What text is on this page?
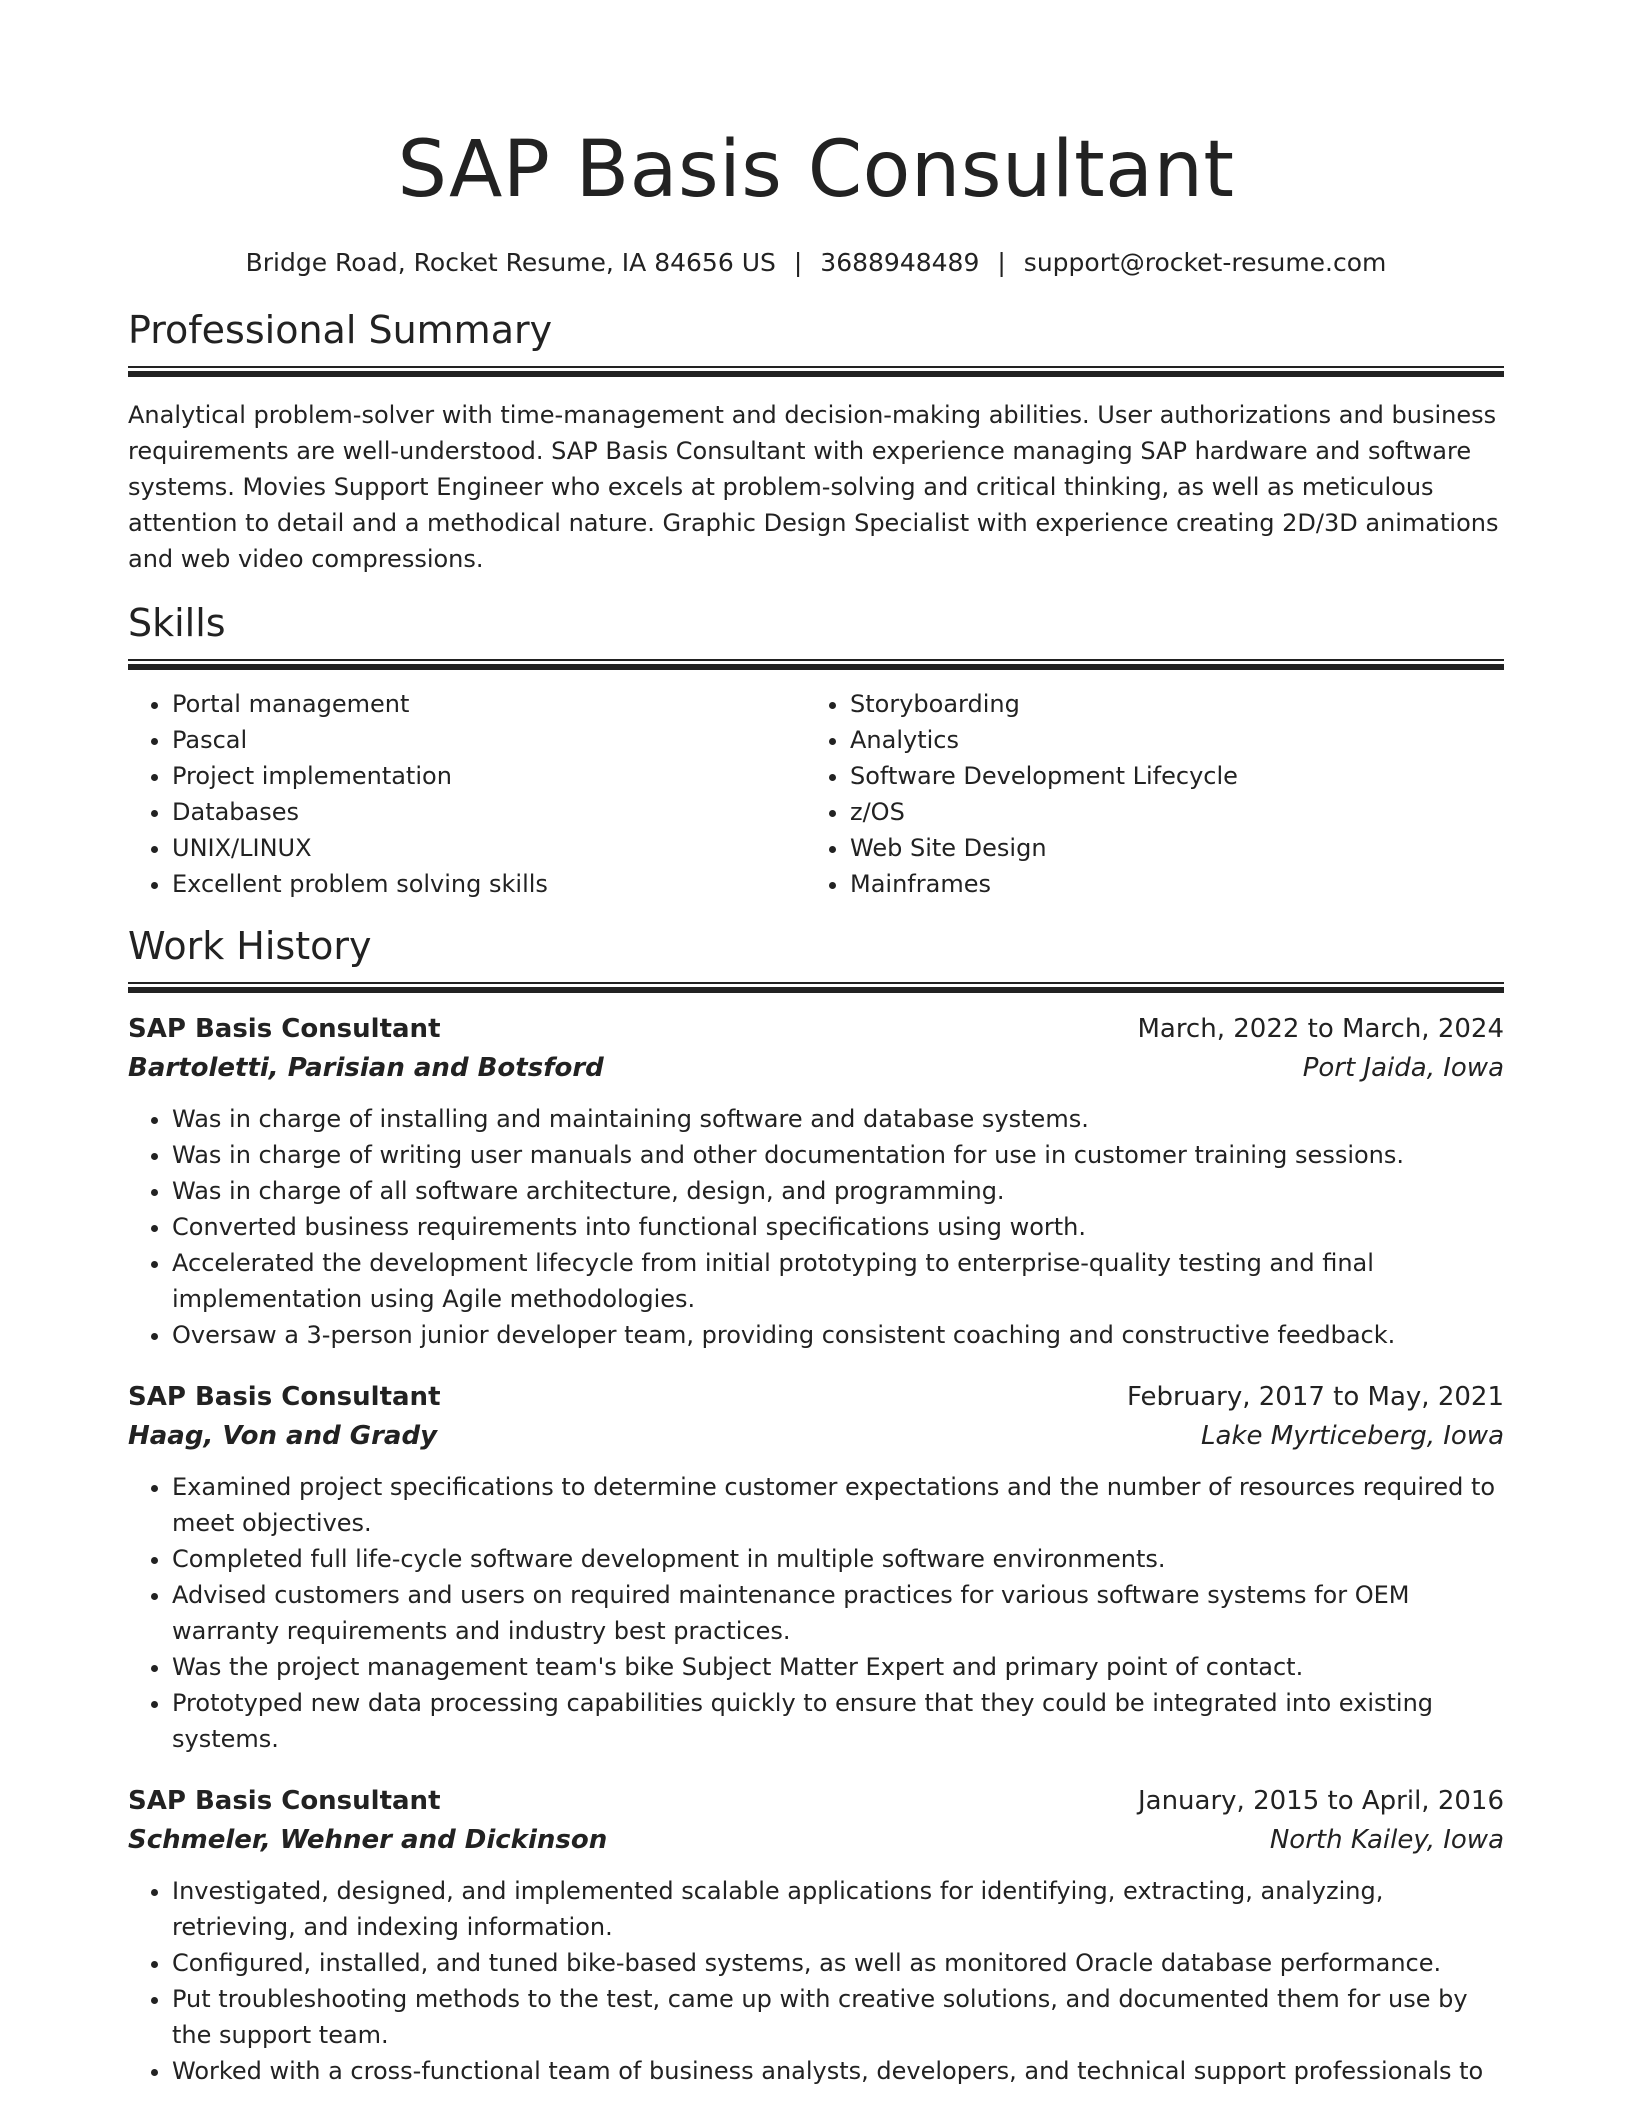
SAP Basis Consultant
Bridge Road, Rocket Resume, IA 84656 US | 3688948489 | support@rocket-resume.com
Professional Summary
Analytical problem-solver with time-management and decision-making abilities. User authorizations and business requirements are well-understood. SAP Basis Consultant with experience managing SAP hardware and software systems. Movies Support Engineer who excels at problem-solving and critical thinking, as well as meticulous attention to detail and a methodical nature. Graphic Design Specialist with experience creating 2D/3D animations and web video compressions.
Skills
• Portal management
• Pascal
• Project implementation
• Databases
• UNIX/LINUX
• Excellent problem solving skills
• Storyboarding
• Analytics
• Software Development Lifecycle
• z/OS
• Web Site Design
• Mainframes
Work History
SAP Basis Consultant	March, 2022 to March, 2024
Bartoletti, Parisian and Botsford	Port Jaida, Iowa
• Was in charge of installing and maintaining software and database systems.
• Was in charge of writing user manuals and other documentation for use in customer training sessions.
• Was in charge of all software architecture, design, and programming.
• Converted business requirements into functional specifications using worth.
• Accelerated the development lifecycle from initial prototyping to enterprise-quality testing and final implementation using Agile methodologies.
• Oversaw a 3-person junior developer team, providing consistent coaching and constructive feedback.
SAP Basis Consultant	February, 2017 to May, 2021
Haag, Von and Grady	Lake Myrticeberg, Iowa
• Examined project specifications to determine customer expectations and the number of resources required to meet objectives.
• Completed full life-cycle software development in multiple software environments.
• Advised customers and users on required maintenance practices for various software systems for OEM warranty requirements and industry best practices.
• Was the project management team's bike Subject Matter Expert and primary point of contact.
• Prototyped new data processing capabilities quickly to ensure that they could be integrated into existing systems.
SAP Basis Consultant	January, 2015 to April, 2016
Schmeler, Wehner and Dickinson	North Kailey, Iowa
• Investigated, designed, and implemented scalable applications for identifying, extracting, analyzing, retrieving, and indexing information.
• Configured, installed, and tuned bike-based systems, as well as monitored Oracle database performance.
• Put troubleshooting methods to the test, came up with creative solutions, and documented them for use by the support team.
• Worked with a cross-functional team of business analysts, developers, and technical support professionals to
